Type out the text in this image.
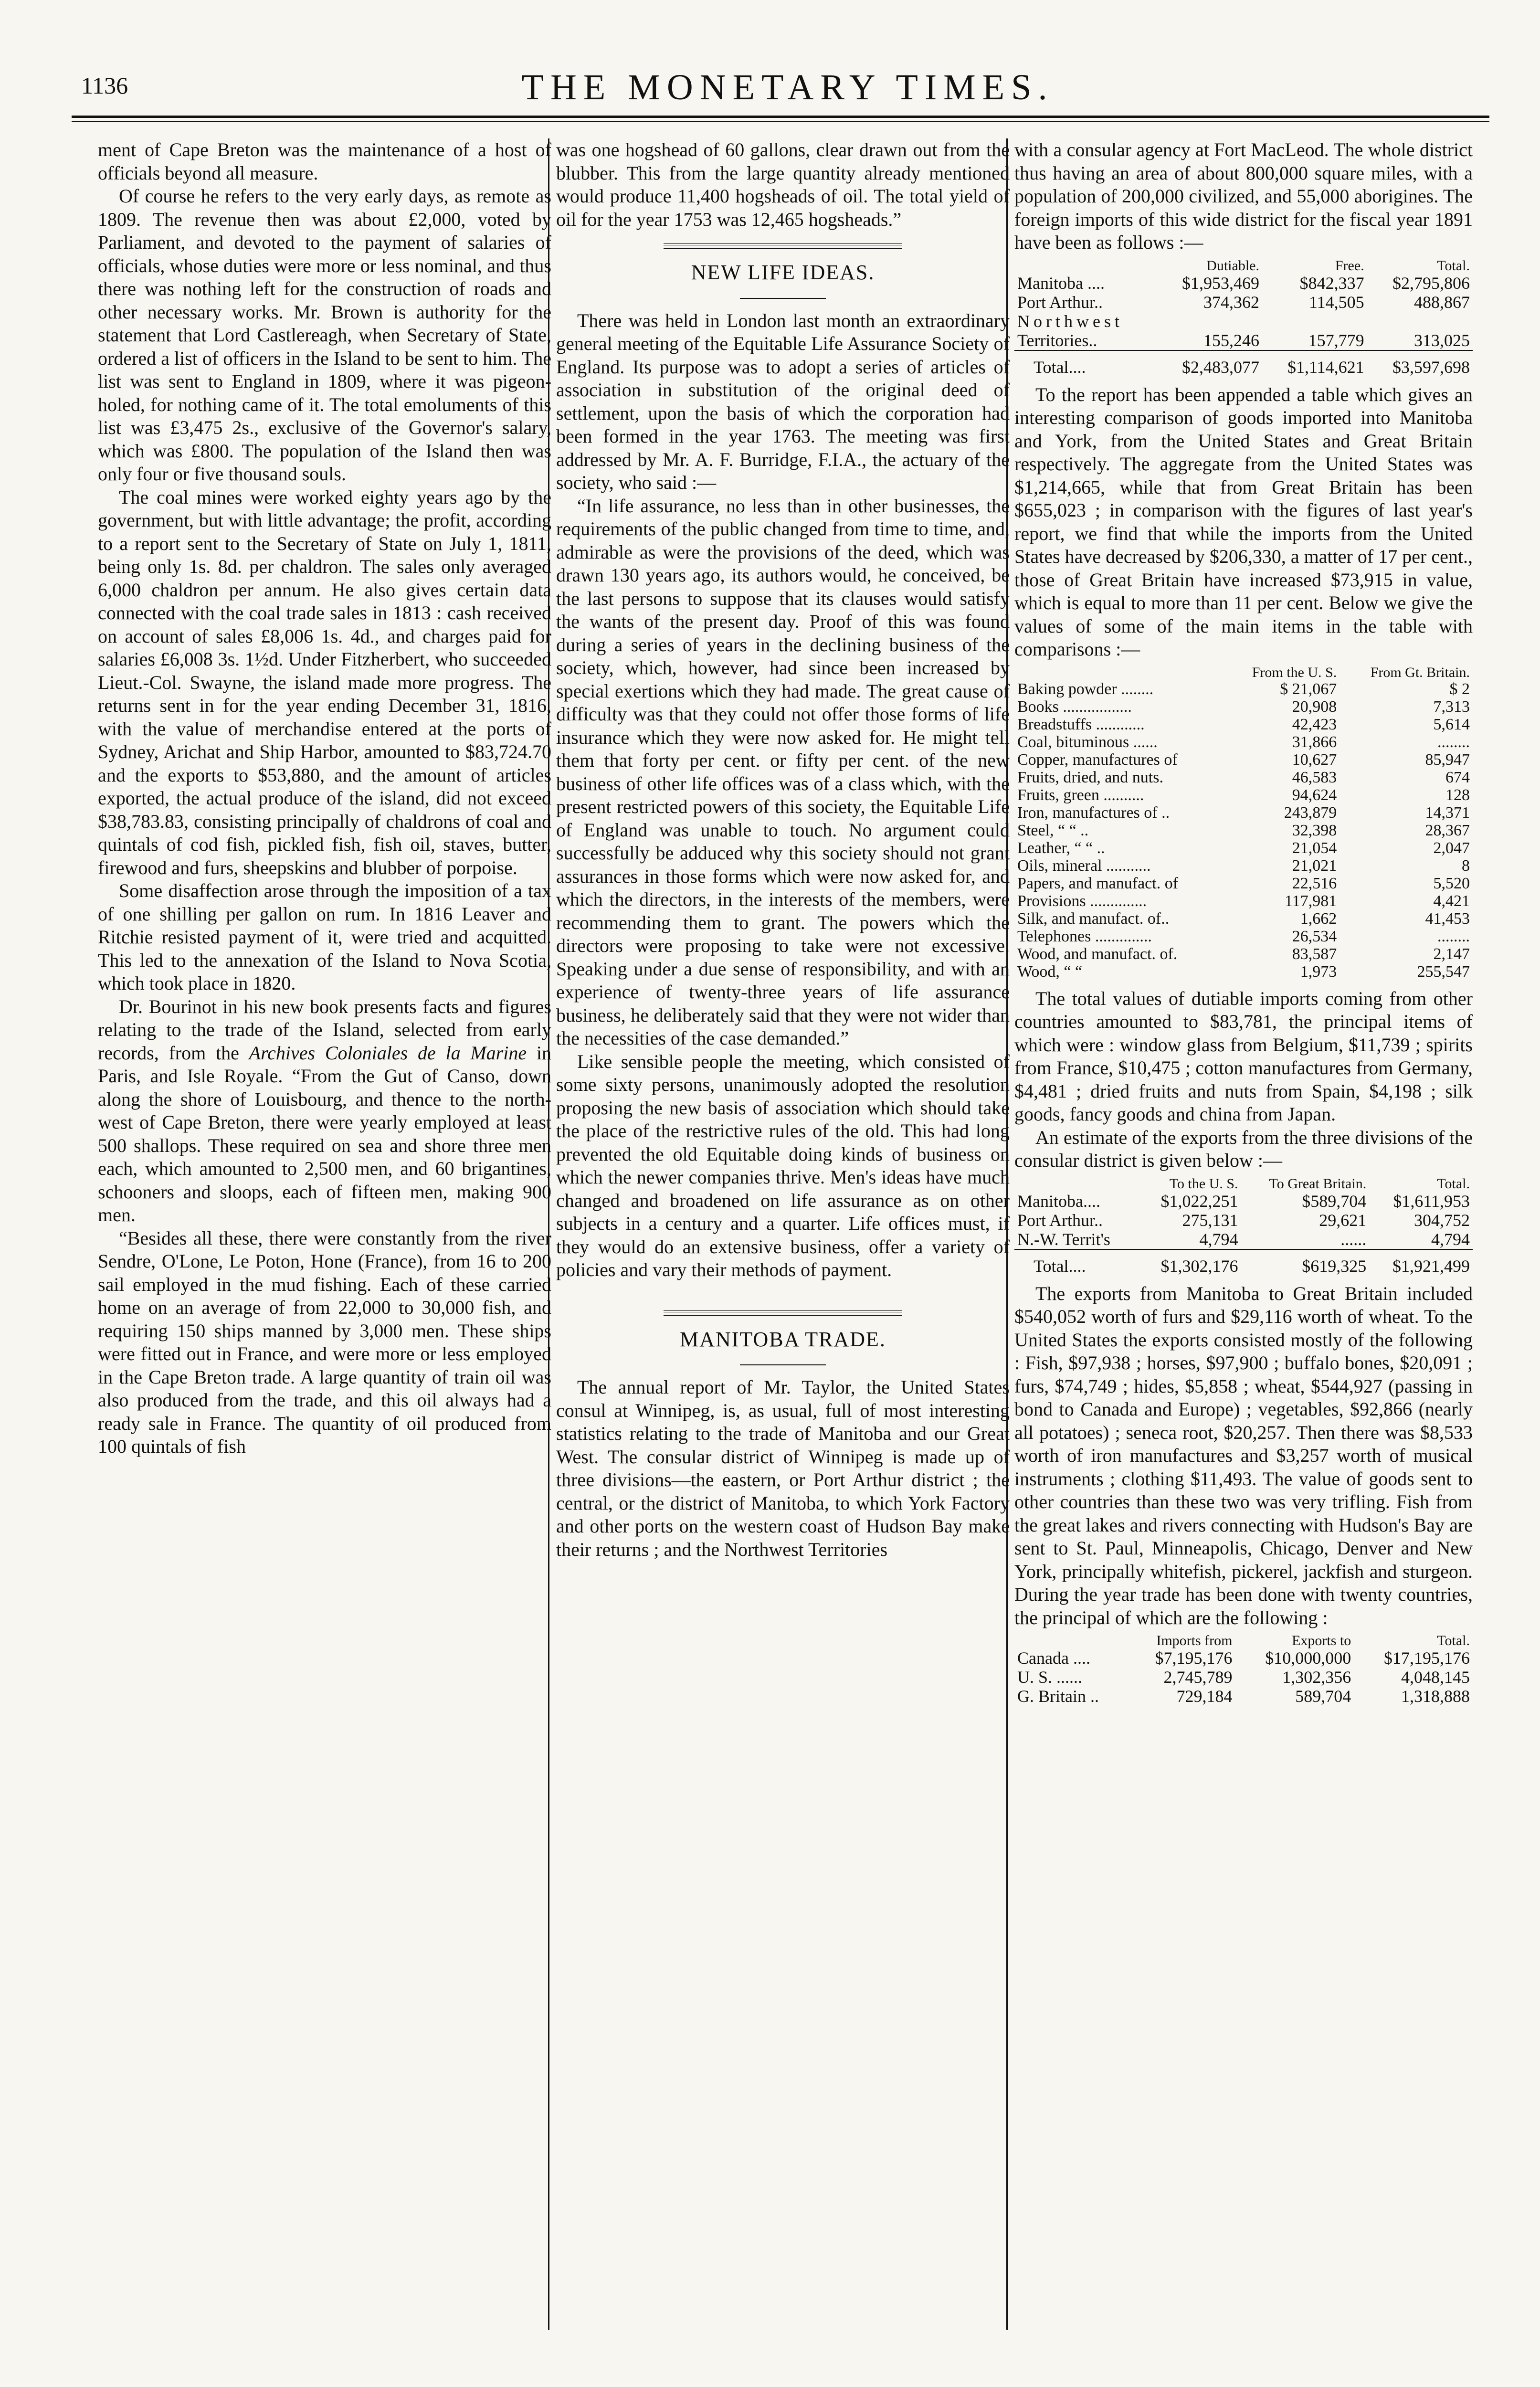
1136	THE MONETARY TIMES.

ment of Cape Breton was the maintenance of a host of officials beyond all measure.

Of course he refers to the very early days, as remote as 1809. The revenue then was about £2,000, voted by Parliament, and devoted to the payment of salaries of officials, whose duties were more or less nominal, and thus there was nothing left for the construction of roads and other necessary works. Mr. Brown is authority for the statement that Lord Castlereagh, when Secretary of State, ordered a list of officers in the Island to be sent to him. The list was sent to England in 1809, where it was pigeon-holed, for nothing came of it. The total emoluments of this list was £3,475 2s., exclusive of the Governor's salary, which was £800. The population of the Island then was only four or five thousand souls.

The coal mines were worked eighty years ago by the government, but with little advantage; the profit, according to a report sent to the Secretary of State on July 1, 1811, being only 1s. 8d. per chaldron. The sales only averaged 6,000 chaldron per annum. He also gives certain data connected with the coal trade sales in 1813 : cash received on account of sales £8,006 1s. 4d., and charges paid for salaries £6,008 3s. 1½d. Under Fitzherbert, who succeeded Lieut.-Col. Swayne, the island made more progress. The returns sent in for the year ending December 31, 1816, with the value of merchandise entered at the ports of Sydney, Arichat and Ship Harbor, amounted to $83,724.70 and the exports to $53,880, and the amount of articles exported, the actual produce of the island, did not exceed $38,783.83, consisting principally of chaldrons of coal and quintals of cod fish, pickled fish, fish oil, staves, butter, firewood and furs, sheepskins and blubber of porpoise.

Some disaffection arose through the imposition of a tax of one shilling per gallon on rum. In 1816 Leaver and Ritchie resisted payment of it, were tried and acquitted. This led to the annexation of the Island to Nova Scotia, which took place in 1820.

Dr. Bourinot in his new book presents facts and figures relating to the trade of the Island, selected from early records, from the Archives Coloniales de la Marine in Paris, and Isle Royale. “From the Gut of Canso, down along the shore of Louisbourg, and thence to the north-west of Cape Breton, there were yearly employed at least 500 shallops. These required on sea and shore three men each, which amounted to 2,500 men, and 60 brigantines, schooners and sloops, each of fifteen men, making 900 men.

“Besides all these, there were constantly from the river Sendre, O'Lone, Le Poton, Hone (France), from 16 to 200 sail employed in the mud fishing. Each of these carried home on an average of from 22,000 to 30,000 fish, and requiring 150 ships manned by 3,000 men. These ships were fitted out in France, and were more or less employed in the Cape Breton trade. A large quantity of train oil was also produced from the trade, and this oil always had a ready sale in France. The quantity of oil produced from 100 quintals of fish

was one hogshead of 60 gallons, clear drawn out from the blubber. This from the large quantity already mentioned would produce 11,400 hogsheads of oil. The total yield of oil for the year 1753 was 12,465 hogsheads.”

NEW LIFE IDEAS.

There was held in London last month an extraordinary general meeting of the Equitable Life Assurance Society of England. Its purpose was to adopt a series of articles of association in substitution of the original deed of settlement, upon the basis of which the corporation had been formed in the year 1763. The meeting was first addressed by Mr. A. F. Burridge, F.I.A., the actuary of the society, who said :—

“In life assurance, no less than in other businesses, the requirements of the public changed from time to time, and, admirable as were the provisions of the deed, which was drawn 130 years ago, its authors would, he conceived, be the last persons to suppose that its clauses would satisfy the wants of the present day. Proof of this was found during a series of years in the declining business of the society, which, however, had since been increased by special exertions which they had made. The great cause of difficulty was that they could not offer those forms of life insurance which they were now asked for. He might tell them that forty per cent. or fifty per cent. of the new business of other life offices was of a class which, with the present restricted powers of this society, the Equitable Life of England was unable to touch. No argument could successfully be adduced why this society should not grant assurances in those forms which were now asked for, and which the directors, in the interests of the members, were recommending them to grant. The powers which the directors were proposing to take were not excessive. Speaking under a due sense of responsibility, and with an experience of twenty-three years of life assurance business, he deliberately said that they were not wider than the necessities of the case demanded.”

Like sensible people the meeting, which consisted of some sixty persons, unanimously adopted the resolution proposing the new basis of association which should take the place of the restrictive rules of the old. This had long prevented the old Equitable doing kinds of business on which the newer companies thrive. Men's ideas have much changed and broadened on life assurance as on other subjects in a century and a quarter. Life offices must, if they would do an extensive business, offer a variety of policies and vary their methods of payment.

MANITOBA TRADE.

The annual report of Mr. Taylor, the United States consul at Winnipeg, is, as usual, full of most interesting statistics relating to the trade of Manitoba and our Great West. The consular district of Winnipeg is made up of three divisions—the eastern, or Port Arthur district ; the central, or the district of Manitoba, to which York Factory and other ports on the western coast of Hudson Bay make their returns ; and the Northwest Territories

with a consular agency at Fort MacLeod. The whole district thus having an area of about 800,000 square miles, with a population of 200,000 civilized, and 55,000 aborigines. The foreign imports of this wide district for the fiscal year 1891 have been as follows :—

	Dutiable.	Free.	Total.
Manitoba ....	$1,953,469	$842,337	$2,795,806
Port Arthur..	374,362	114,505	488,867
Northwest			
Territories..	155,246	157,779	313,025
Total....	$2,483,077	$1,114,621	$3,597,698

To the report has been appended a table which gives an interesting comparison of goods imported into Manitoba and York, from the United States and Great Britain respectively. The aggregate from the United States was $1,214,665, while that from Great Britain has been $655,023 ; in comparison with the figures of last year's report, we find that while the imports from the United States have decreased by $206,330, a matter of 17 per cent., those of Great Britain have increased $73,915 in value, which is equal to more than 11 per cent. Below we give the values of some of the main items in the table with comparisons :—

	From the U. S.	From Gt. Britain.
Baking powder ........	$ 21,067	$ 2
Books .................	20,908	7,313
Breadstuffs ............	42,423	5,614
Coal, bituminous ......	31,866	........
Copper, manufactures of	10,627	85,947
Fruits, dried, and nuts.	46,583	674
Fruits, green ..........	94,624	128
Iron, manufactures of ..	243,879	14,371
Steel, “ “ ..	32,398	28,367
Leather, “ “ ..	21,054	2,047
Oils, mineral ...........	21,021	8
Papers, and manufact. of	22,516	5,520
Provisions ..............	117,981	4,421
Silk, and manufact. of..	1,662	41,453
Telephones ..............	26,534	........
Wood, and manufact. of.	83,587	2,147
Wood, “ “	1,973	255,547

The total values of dutiable imports coming from other countries amounted to $83,781, the principal items of which were : window glass from Belgium, $11,739 ; spirits from France, $10,475 ; cotton manufactures from Germany, $4,481 ; dried fruits and nuts from Spain, $4,198 ; silk goods, fancy goods and china from Japan.

An estimate of the exports from the three divisions of the consular district is given below :—

	To the U. S.	To Great Britain.	Total.
Manitoba....	$1,022,251	$589,704	$1,611,953
Port Arthur..	275,131	29,621	304,752
N.-W. Territ's	4,794	......	4,794
Total....	$1,302,176	$619,325	$1,921,499

The exports from Manitoba to Great Britain included $540,052 worth of furs and $29,116 worth of wheat. To the United States the exports consisted mostly of the following : Fish, $97,938 ; horses, $97,900 ; buffalo bones, $20,091 ; furs, $74,749 ; hides, $5,858 ; wheat, $544,927 (passing in bond to Canada and Europe) ; vegetables, $92,866 (nearly all potatoes) ; seneca root, $20,257. Then there was $8,533 worth of iron manufactures and $3,257 worth of musical instruments ; clothing $11,493. The value of goods sent to other countries than these two was very trifling. Fish from the great lakes and rivers connecting with Hudson's Bay are sent to St. Paul, Minneapolis, Chicago, Denver and New York, principally whitefish, pickerel, jackfish and sturgeon. During the year trade has been done with twenty countries, the principal of which are the following :

	Imports from	Exports to	Total.
Canada ....	$7,195,176	$10,000,000	$17,195,176
U. S. ......	2,745,789	1,302,356	4,048,145
G. Britain ..	729,184	589,704	1,318,888
